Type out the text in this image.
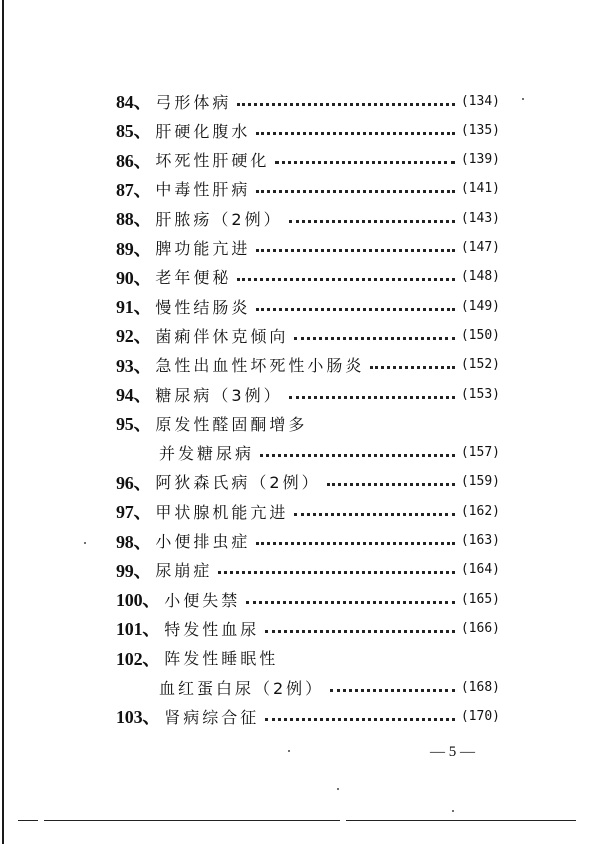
84、 弓形体病	(134)
85、 肝硬化腹水	(135)
86、 坏死性肝硬化	(139)
87、 中毒性肝病	(141)
88、 肝脓疡（2例）	(143)
89、 脾功能亢进	(147)
90、 老年便秘	(148)
91、 慢性结肠炎	(149)
92、 菌痢伴休克倾向	(150)
93、 急性出血性坏死性小肠炎	(152)
94、 糖尿病（3例）	(153)
95、 原发性醛固酮增多
并发糖尿病	(157)
96、 阿狄森氏病（2例）	(159)
97、 甲状腺机能亢进	(162)
98、 小便排虫症	(163)
99、 尿崩症	(164)
100、 小便失禁	(165)
101、 特发性血尿	(166)
102、 阵发性睡眠性
血红蛋白尿（2例）	(168)
103、 肾病综合征	(170)
— 5 —
